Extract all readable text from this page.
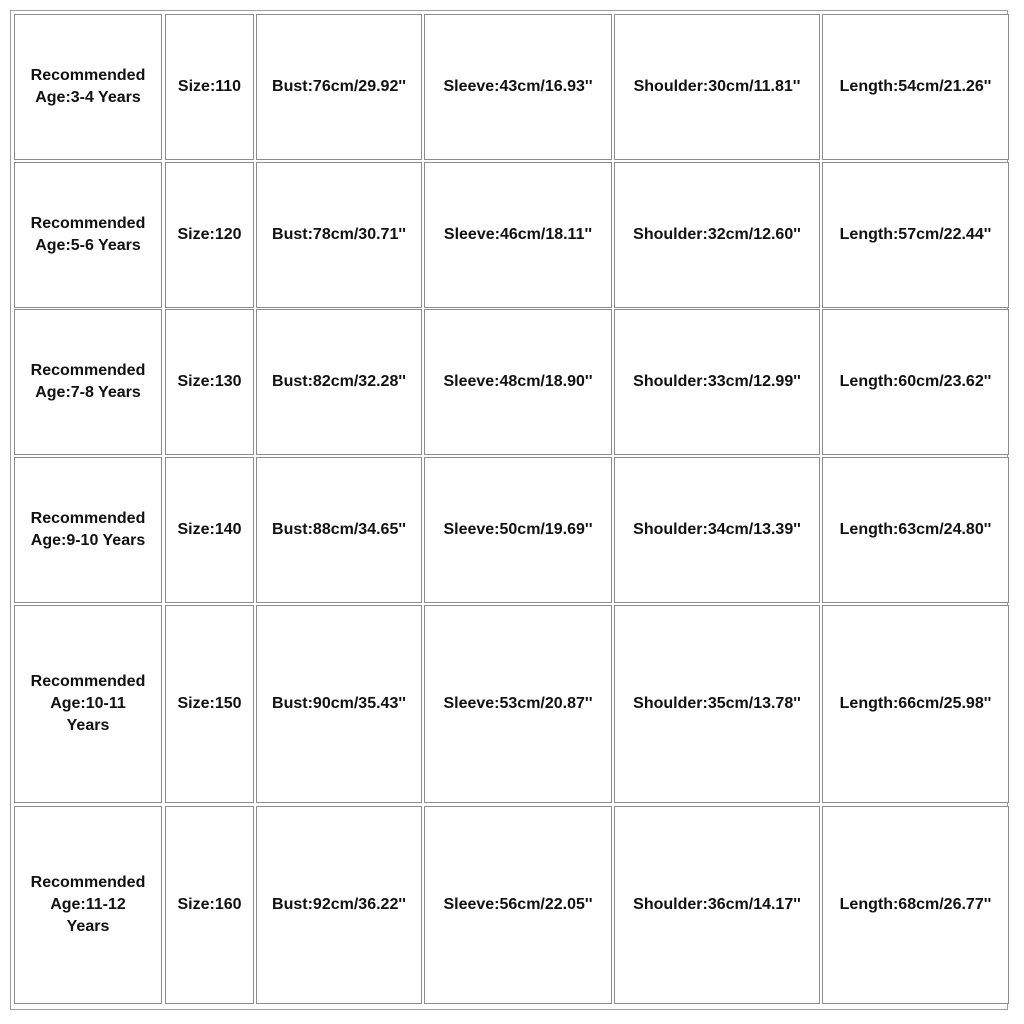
Recommended
Age:3-4 Years
Size:110	Bust:76cm/29.92''	Sleeve:43cm/16.93''	Shoulder:30cm/11.81''	Length:54cm/21.26''
Recommended
Age:5-6 Years
Size:120	Bust:78cm/30.71''	Sleeve:46cm/18.11''	Shoulder:32cm/12.60''	Length:57cm/22.44''
Recommended
Age:7-8 Years
Size:130	Bust:82cm/32.28''	Sleeve:48cm/18.90''	Shoulder:33cm/12.99''	Length:60cm/23.62''
Recommended
Age:9-10 Years
Size:140	Bust:88cm/34.65''	Sleeve:50cm/19.69''	Shoulder:34cm/13.39''	Length:63cm/24.80''
Recommended
Age:10-11
Years
Size:150	Bust:90cm/35.43''	Sleeve:53cm/20.87''	Shoulder:35cm/13.78''	Length:66cm/25.98''
Recommended
Age:11-12
Years
Size:160	Bust:92cm/36.22''	Sleeve:56cm/22.05''	Shoulder:36cm/14.17''	Length:68cm/26.77''
